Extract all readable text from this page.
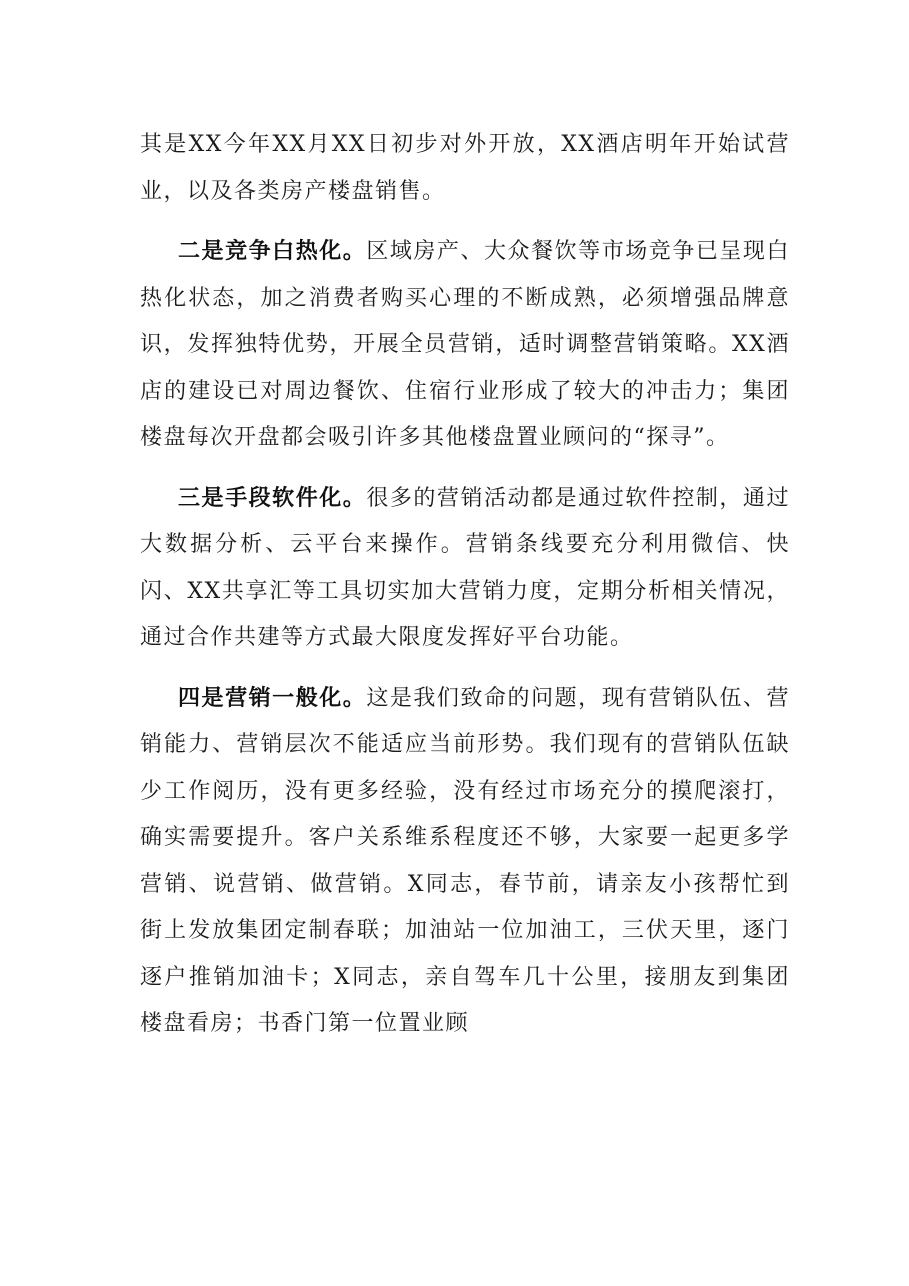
其是XX今年XX月XX日初步对外开放，XX酒店明年开始试营业，以及各类房产楼盘销售。

二是竞争白热化。区域房产、大众餐饮等市场竞争已呈现白热化状态，加之消费者购买心理的不断成熟，必须增强品牌意识，发挥独特优势，开展全员营销，适时调整营销策略。XX酒店的建设已对周边餐饮、住宿行业形成了较大的冲击力；集团楼盘每次开盘都会吸引许多其他楼盘置业顾问的“探寻”。

三是手段软件化。很多的营销活动都是通过软件控制，通过大数据分析、云平台来操作。营销条线要充分利用微信、快闪、XX共享汇等工具切实加大营销力度，定期分析相关情况，通过合作共建等方式最大限度发挥好平台功能。

四是营销一般化。这是我们致命的问题，现有营销队伍、营销能力、营销层次不能适应当前形势。我们现有的营销队伍缺少工作阅历，没有更多经验，没有经过市场充分的摸爬滚打，确实需要提升。客户关系维系程度还不够，大家要一起更多学营销、说营销、做营销。X同志，春节前，请亲友小孩帮忙到街上发放集团定制春联；加油站一位加油工，三伏天里，逐门逐户推销加油卡；X同志，亲自驾车几十公里，接朋友到集团楼盘看房；书香门第一位置业顾
